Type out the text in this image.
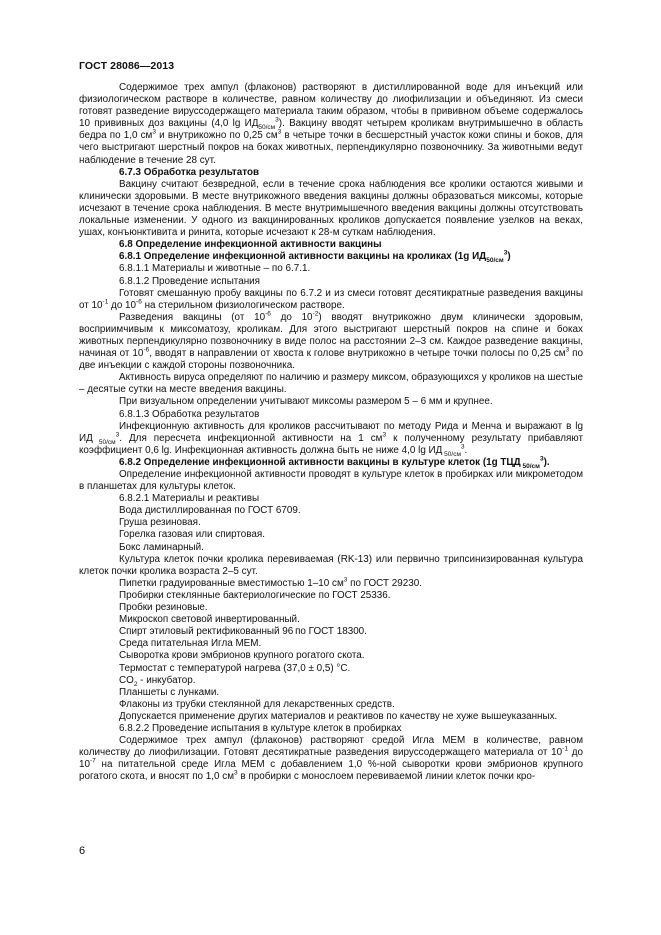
ГОСТ 28086—2013

Содержимое трех ампул (флаконов) растворяют в дистиллированной воде для инъекций или физиологическом растворе в количестве, равном количеству до лиофилизации и объединяют. Из смеси готовят разведение вируссодержащего материала таким образом, чтобы в прививном объеме содержалось 10 прививных доз вакцины (4,0 $\lg ИД_{50/см}^3$). Вакцину вводят четырем кроликам внутримышечно в область бедра по 1,0 $см^3$ и внутрикожно по 0,25 $см^3$ в четыре точки в бесшерстный участок кожи спины и боков, для чего выстригают шерстный покров на боках животных, перпендикулярно позвоночнику. За животными ведут наблюдение в течение 28 сут.

6.7.3 Обработка результатов

Вакцину считают безвредной, если в течение срока наблюдения все кролики остаются живыми и клинически здоровыми. В месте внутрикожного введения вакцины должны образоваться миксомы, которые исчезают в течение срока наблюдения. В месте внутримышечного введения вакцины должны отсутствовать локальные изменении. У одного из вакцинированных кроликов допускается появление узелков на веках, ушах, конъюнктивита и ринита, которые исчезают к 28-м суткам наблюдения.

6.8 Определение инфекционной активности вакцины

6.8.1 Определение инфекционной активности вакцины на кроликах (1g $ИД_{50/см}^3$)

6.8.1.1 Материалы и животные – по 6.7.1.

6.8.1.2 Проведение испытания

Готовят смешанную пробу вакцины по 6.7.2 и из смеси готовят десятикратные разведения вакцины от $10^{-1}$ до $10^{-6}$ на стерильном физиологическом растворе.

Разведения вакцины (от $10^{-6}$ до $10^{-2}$) вводят внутрикожно двум клинически здоровым, восприимчивым к миксоматозу, кроликам. Для этого выстригают шерстный покров на спине и боках животных перпендикулярно позвоночнику в виде полос на расстоянии 2–3 см. Каждое разведение вакцины, начиная от $10^{-6}$, вводят в направлении от хвоста к голове внутрикожно в четыре точки полосы по 0,25 $см^3$ по две инъекции с каждой стороны позвоночника.

Активность вируса определяют по наличию и размеру миксом, образующихся у кроликов на шестые – десятые сутки на месте введения вакцины.

При визуальном определении учитывают миксомы размером 5 – 6 мм и крупнее.

6.8.1.3 Обработка результатов

Инфекционную активность для кроликов рассчитывают по методу Рида и Менча и выражают в lg ИД $_{50/см}^3$. Для пересчета инфекционной активности на 1 $см^3$ к полученному результату прибавляют коэффициент 0,6 lg. Инфекционная активность должна быть не ниже 4,0 lg ИД $_{50/см}^3$.

6.8.2 Определение инфекционной активности вакцины в культуре клеток (1g ТЦД $_{50/см}^3$).

Определение инфекционной активности проводят в культуре клеток в пробирках или микрометодом в планшетах для культуры клеток.

6.8.2.1 Материалы и реактивы

Вода дистиллированная по ГОСТ 6709.

Груша резиновая.

Горелка газовая или спиртовая.

Бокс ламинарный.

Культура клеток почки кролика перевиваемая (RK-13) или первично трипсинизированная культура клеток почки кролика возраста 2–5 сут.

Пипетки градуированные вместимостью 1–10 $см^3$ по ГОСТ 29230.

Пробирки стеклянные бактериологические по ГОСТ 25336.

Пробки резиновые.

Микроскоп световой инвертированный.

Спирт этиловый ректификованный 96 по ГОСТ 18300.

Среда питательная Игла MEM.

Сыворотка крови эмбрионов крупного рогатого скота.

Термостат с температурой нагрева (37,0 ± 0,5) °С.

$CO_2$ - инкубатор.

Планшеты с лунками.

Флаконы из трубки стеклянной для лекарственных средств.

Допускается применение других материалов и реактивов по качеству не хуже вышеуказанных.

6.8.2.2 Проведение испытания в культуре клеток в пробирках

Содержимое трех ампул (флаконов) растворяют средой Игла MEM в количестве, равном количеству до лиофилизации. Готовят десятикратные разведения вируссодержащего материала от $10^{-1}$ до $10^{-7}$ на питательной среде Игла MEM с добавлением 1,0 %-ной сыворотки крови эмбрионов крупного рогатого скота, и вносят по 1,0 $см^3$ в пробирки с монослоем перевиваемой линии клеток почки кро-

6
